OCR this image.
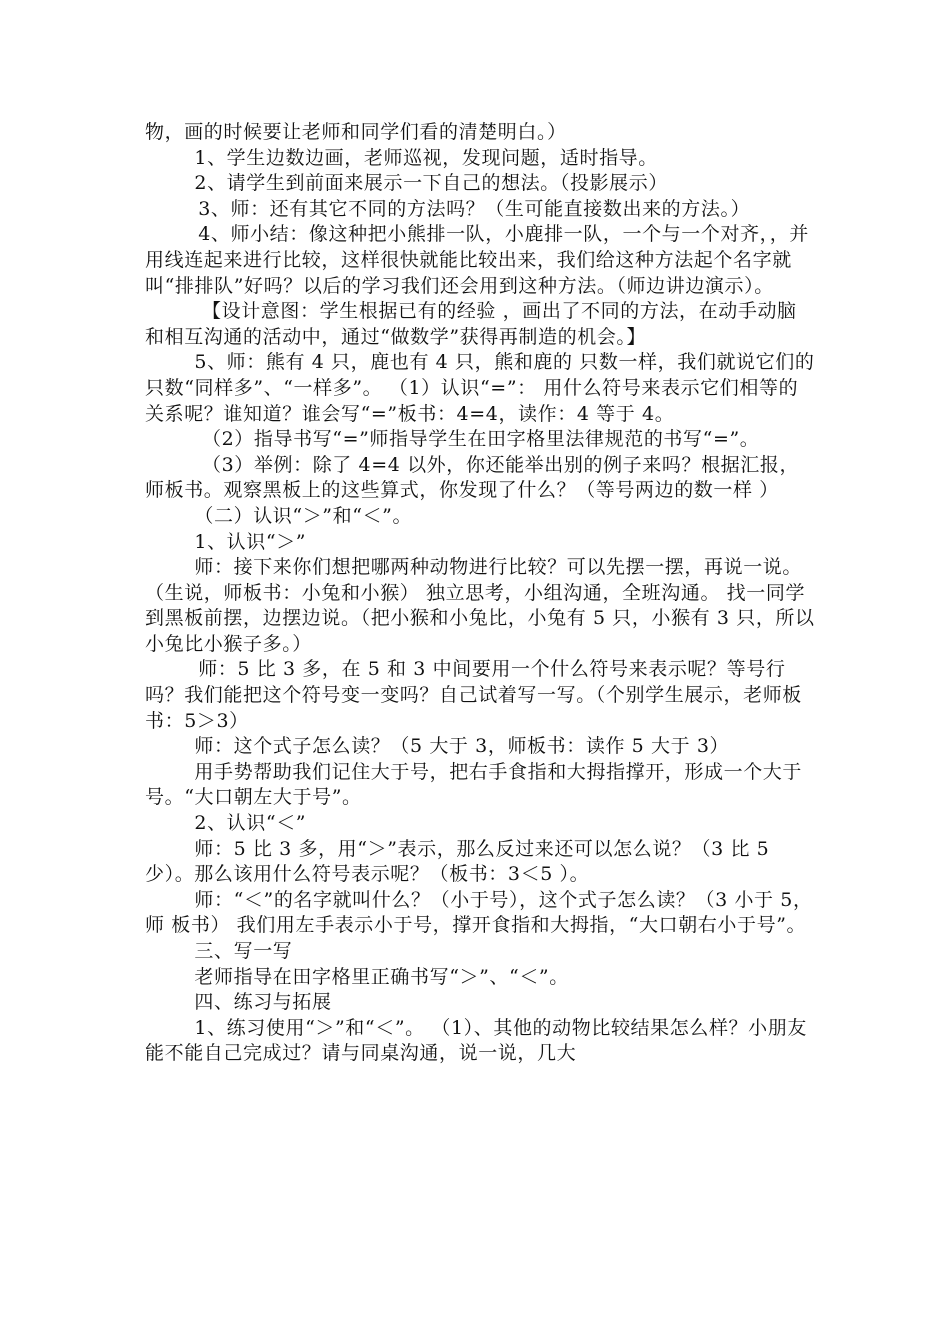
物，画的时候要让老师和同学们看的清楚明白。）

1、学生边数边画，老师巡视，发现问题，适时指导。

2、请学生到前面来展示一下自己的想法。（投影展示）

3、师：还有其它不同的方法吗？（生可能直接数出来的方法。）

4、师小结：像这种把小熊排一队，小鹿排一队，一个与一个对齐，，并用线连起来进行比较，这样很快就能比较出来，我们给这种方法起个名字就叫“排排队”好吗？以后的学习我们还会用到这种方法。（师边讲边演示）。

【设计意图：学生根据已有的经验 ，画出了不同的方法，在动手动脑和相互沟通的活动中，通过“做数学”获得再制造的机会。】

5、师：熊有 4 只，鹿也有 4 只，熊和鹿的 只数一样，我们就说它们的只数“同样多”、“一样多”。 （1）认识“=”： 用什么符号来表示它们相等的关系呢？谁知道？谁会写“=”板书：4=4，读作：4 等于 4。

（2）指导书写“=”师指导学生在田字格里法律规范的书写“=”。

（3）举例：除了 4=4 以外，你还能举出别的例子来吗？根据汇报，师板书。观察黑板上的这些算式，你发现了什么？（等号两边的数一样 ）

（二）认识“＞”和“＜”。

1、认识“＞”

师：接下来你们想把哪两种动物进行比较？可以先摆一摆，再说一说。（生说，师板书：小兔和小猴） 独立思考，小组沟通，全班沟通。 找一同学到黑板前摆，边摆边说。（把小猴和小兔比，小兔有 5 只，小猴有 3 只，所以小兔比小猴子多。）

师：5 比 3 多，在 5 和 3 中间要用一个什么符号来表示呢？等号行吗？我们能把这个符号变一变吗？自己试着写一写。（个别学生展示，老师板书：5＞3）

师：这个式子怎么读？（5 大于 3，师板书：读作 5 大于 3）

用手势帮助我们记住大于号，把右手食指和大拇指撑开，形成一个大于号。“大口朝左大于号”。

2、认识“＜”

师：5 比 3 多，用“＞”表示，那么反过来还可以怎么说？（3 比 5 少）。那么该用什么符号表示呢？（板书：3＜5 ）。

师：“＜”的名字就叫什么？（小于号），这个式子怎么读？（3 小于 5，师 板书） 我们用左手表示小于号，撑开食指和大拇指，“大口朝右小于号”。

三、写一写

老师指导在田字格里正确书写“＞”、“＜”。

四、练习与拓展

1、练习使用“＞”和“＜”。 （1）、其他的动物比较结果怎么样？小朋友能不能自己完成过？请与同桌沟通，说一说，几大
